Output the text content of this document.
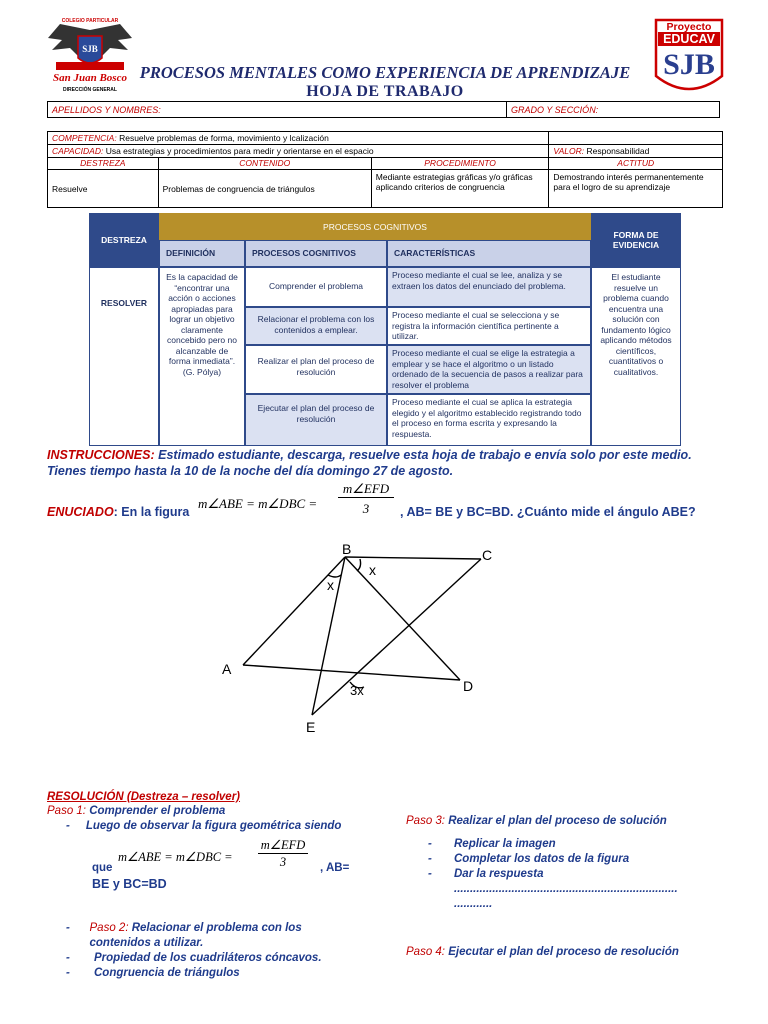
SJB
COLEGIO PARTICULAR
San Juan Bosco
DIRECCIÓN GENERAL
Proyecto
EDUCAV
SJB
PROCESOS MENTALES COMO EXPERIENCIA DE APRENDIZAJE
HOJA DE TRABAJO
APELLIDOS Y NOMBRES:	GRADO Y SECCIÓN:
COMPETENCIA: Resuelve problemas de forma, movimiento y lcalización			
CAPACIDAD: Usa estrategias y procedimientos para medir y orientarse en el espacio			VALOR: Responsabilidad
DESTREZA	CONTENIDO	PROCEDIMIENTO	ACTITUD
Resuelve	Problemas de congruencia de triángulos	Mediante estrategias gráficas y/o gráficas aplicando criterios de congruencia	Demostrando interés permanentemente para el logro de su aprendizaje
DESTREZA
PROCESOS COGNITIVOS
FORMA DE EVIDENCIA
DEFINICIÓN	PROCESOS COGNITIVOS	CARACTERÍSTICAS
RESOLVER
Es la capacidad de “encontrar una acción o acciones apropiadas para lograr un objetivo claramente concebido pero no alcanzable de forma inmediata”. (G. Pólya)
El estudiante resuelve un problema cuando encuentra una solución con fundamento lógico aplicando métodos científicos, cuantitativos o cualitativos.
Comprender el problema
Proceso mediante el cual se lee, analiza y se extraen los datos del enunciado del problema.
Relacionar el problema con los contenidos a emplear.
Proceso mediante el cual se selecciona y se registra la información científica pertinente a utilizar.
Realizar el plan del proceso de resolución
Proceso mediante el cual se elige la estrategia a emplear y se hace el algoritmo o un listado ordenado de la secuencia de pasos a realizar para resolver el problema
Ejecutar el plan del proceso de resolución
Proceso mediante el cual se aplica la estrategia elegido y el algoritmo establecido registrando todo el proceso en forma escrita y expresando la respuesta.
INSTRUCCIONES: Estimado estudiante, descarga, resuelve esta hoja de trabajo e envía solo por este medio.
Tienes tiempo hasta la 10 de la noche del día domingo 27 de agosto.
ENUCIADO: En la figura
m∠ABE = m∠DBC =
m∠EFD
3	, AB= BE y BC=BD. ¿Cuánto mide el ángulo ABE?
B	C
A
D
E
x
x
3x
RESOLUCIÓN (Destreza – resolver)
Paso 1: Comprender el problema
-     Luego de observar la figura geométrica siendo
que
m∠ABE = m∠DBC =
m∠EFD
3	, AB=
BE y BC=BD
-	Paso 2: Relacionar el problema con los contenidos a utilizar.
-	Propiedad de los cuadriláteros cóncavos.
-	Congruencia de triángulos
Paso 3: Realizar el plan del proceso de solución
-	Replicar la imagen
-	Completar los datos de la figura
-	Dar la respuesta
......................................................................
............
Paso 4: Ejecutar el plan del proceso de resolución
